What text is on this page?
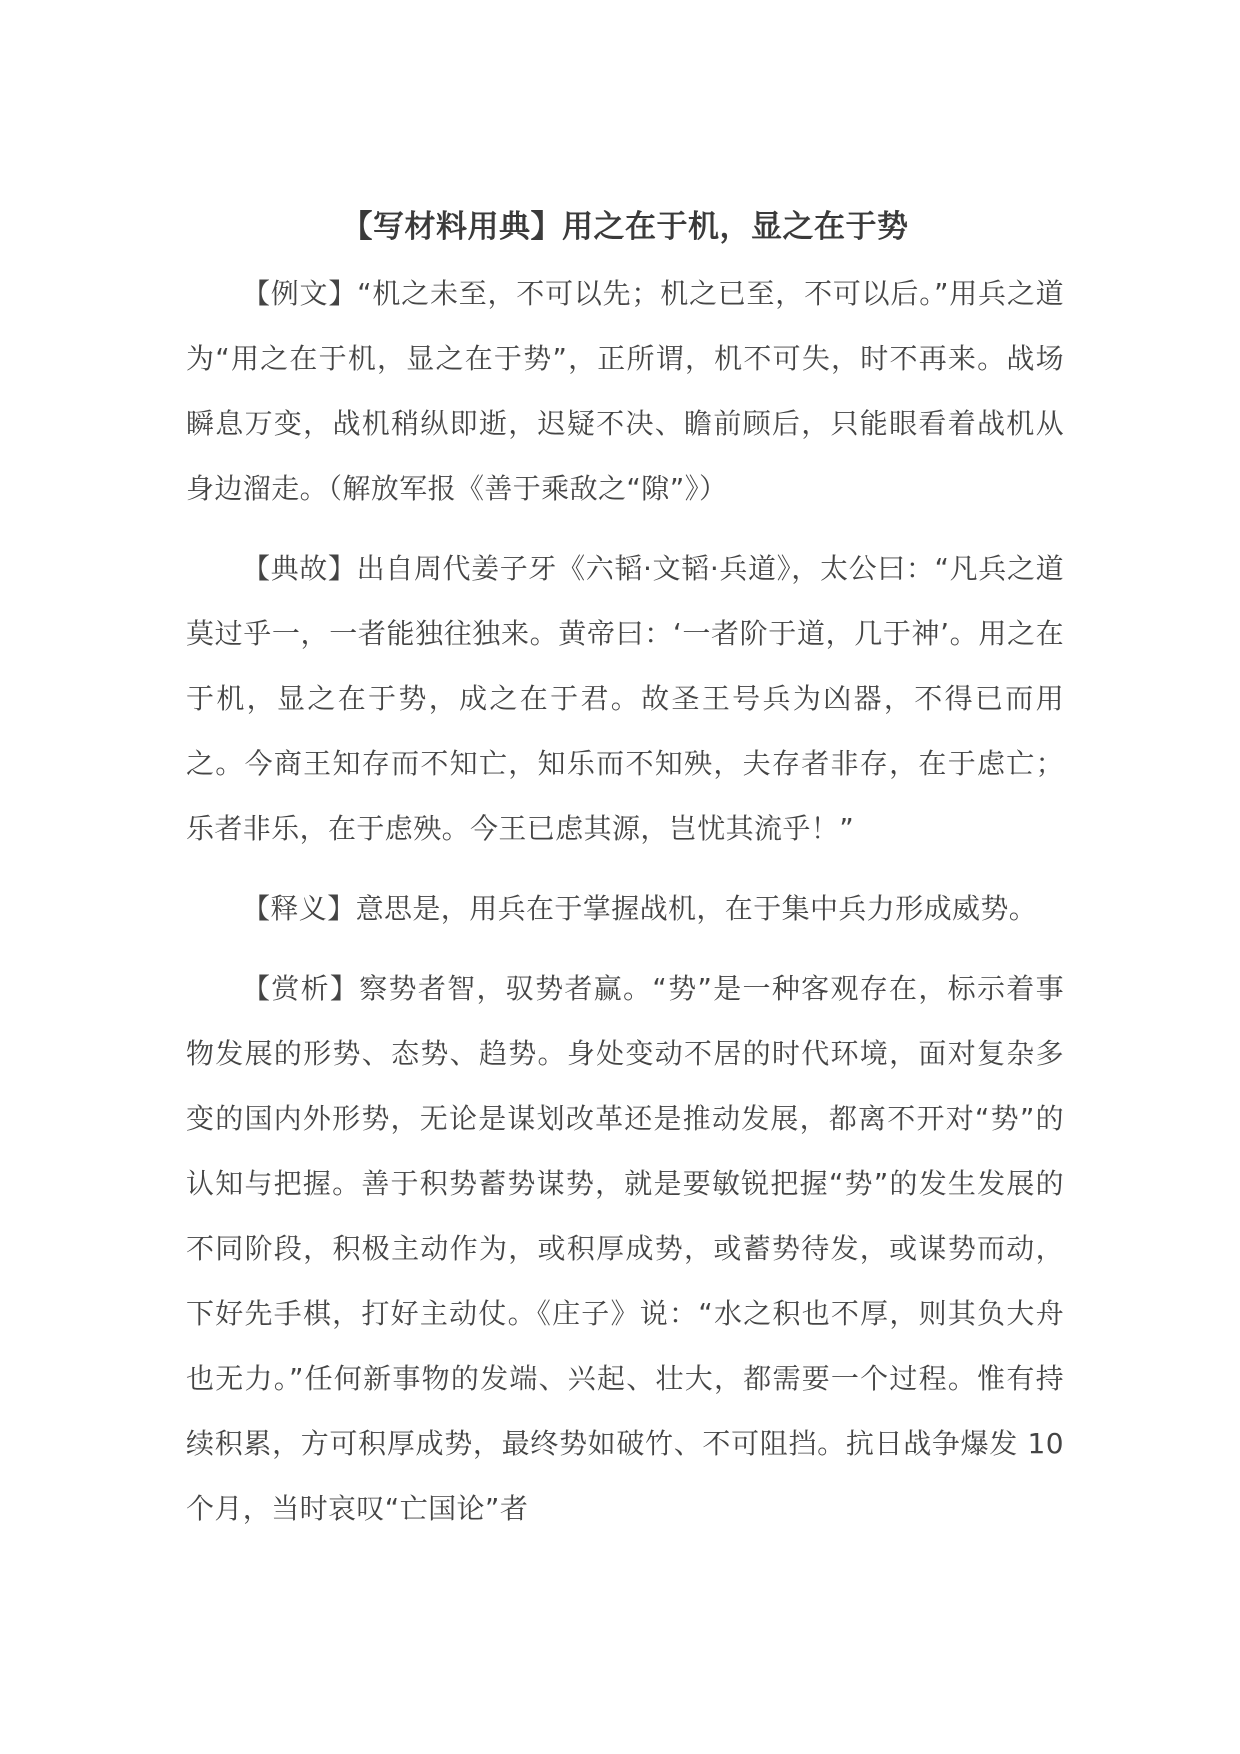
【写材料用典】用之在于机，显之在于势

【例文】“机之未至，不可以先；机之已至，不可以后。”用兵之道为“用之在于机，显之在于势”，正所谓，机不可失，时不再来。战场瞬息万变，战机稍纵即逝，迟疑不决、瞻前顾后，只能眼看着战机从身边溜走。（解放军报《善于乘敌之“隙”》）

【典故】出自周代姜子牙《六韬·文韬·兵道》，太公曰：“凡兵之道莫过乎一，一者能独往独来。黄帝曰：‘一者阶于道，几于神’。用之在于机，显之在于势，成之在于君。故圣王号兵为凶器，不得已而用之。今商王知存而不知亡，知乐而不知殃，夫存者非存，在于虑亡；乐者非乐，在于虑殃。今王已虑其源，岂忧其流乎！”

【释义】意思是，用兵在于掌握战机，在于集中兵力形成威势。

【赏析】察势者智，驭势者赢。“势”是一种客观存在，标示着事物发展的形势、态势、趋势。身处变动不居的时代环境，面对复杂多变的国内外形势，无论是谋划改革还是推动发展，都离不开对“势”的认知与把握。善于积势蓄势谋势，就是要敏锐把握“势”的发生发展的不同阶段，积极主动作为，或积厚成势，或蓄势待发，或谋势而动，下好先手棋，打好主动仗。《庄子》说：“水之积也不厚，则其负大舟也无力。”任何新事物的发端、兴起、壮大，都需要一个过程。惟有持续积累，方可积厚成势，最终势如破竹、不可阻挡。抗日战争爆发 10 个月，当时哀叹“亡国论”者
